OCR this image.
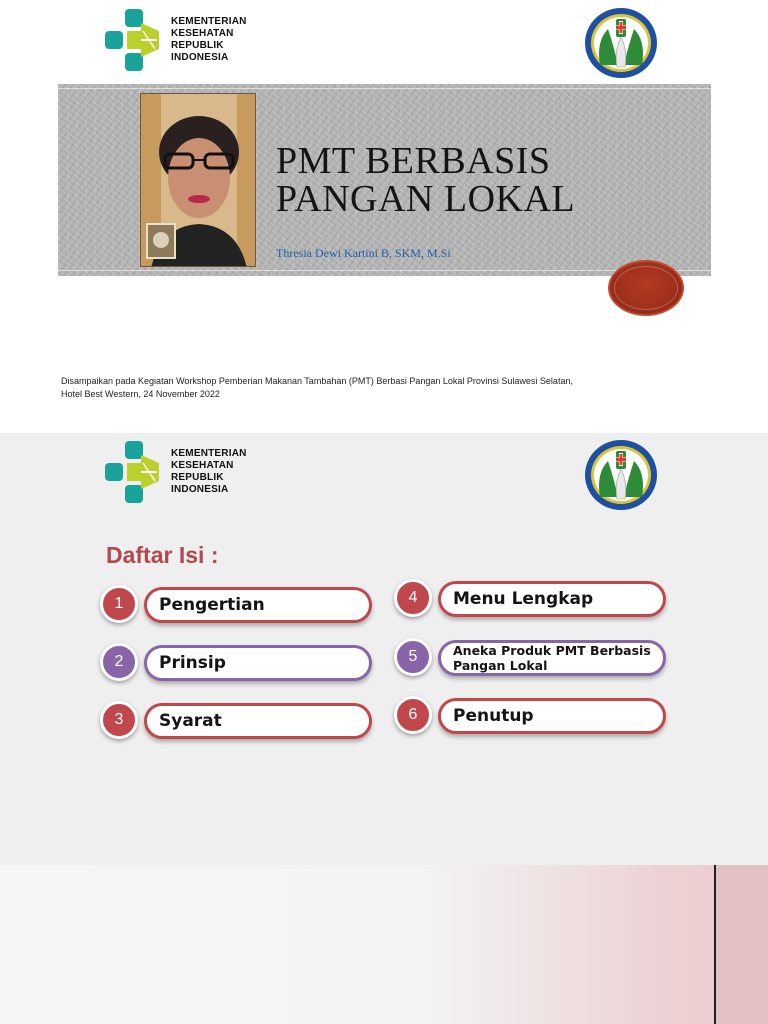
KEMENTERIAN
KESEHATAN
REPUBLIK
INDONESIA
PMT BERBASIS
PANGAN LOKAL
Thresia Dewi Kartini B, SKM, M.Si
Disampaikan pada Kegiatan Workshop Pemberian Makanan Tambahan (PMT) Berbasi Pangan Lokal Provinsi Sulawesi Selatan,
Hotel Best Western, 24 November 2022
KEMENTERIAN
KESEHATAN
REPUBLIK
INDONESIA
Daftar Isi :
1	Pengertian
2	Prinsip
3	Syarat
4	Menu Lengkap
5	Aneka Produk PMT Berbasis Pangan Lokal
6	Penutup
